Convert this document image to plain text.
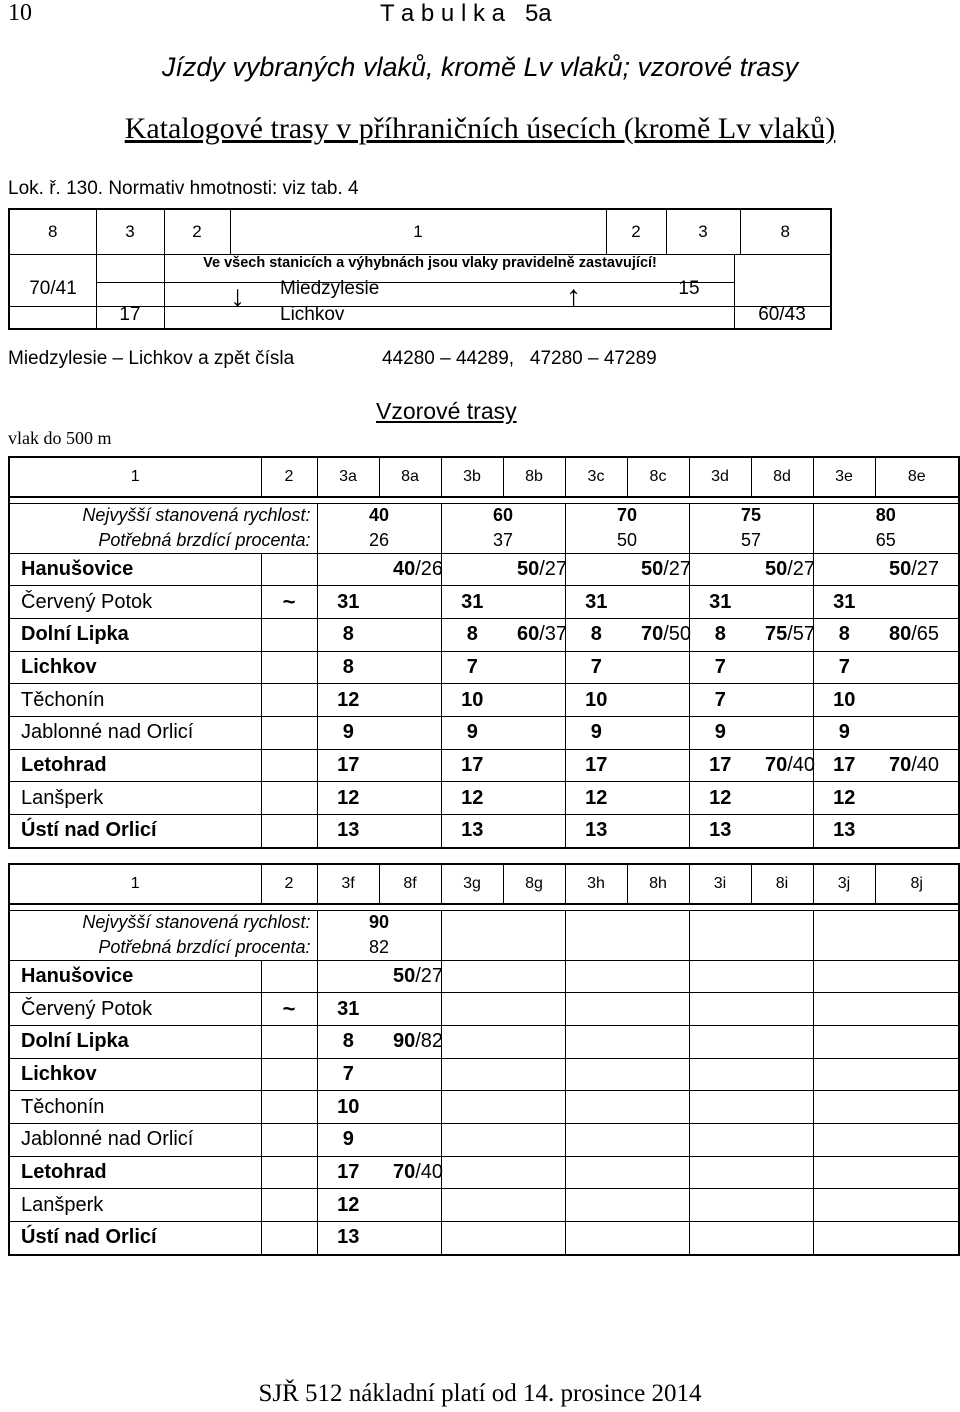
10	T a b u l k a   5a
Jízdy vybraných vlaků, kromě Lv vlaků; vzorové trasy
Katalogové trasy v příhraničních úsecích (kromě Lv vlaků)
Lok. ř. 130. Normativ hmotnosti: viz tab. 4
8	3	2	1	2	3	8
Ve všech stanicích a výhybnách jsou vlaky pravidelně zastavující!
70/41	Miedzylesie	15
17	Lichkov	60/43
↓	↑
Miedzylesie – Lichkov a zpět čísla	44280 – 44289,   47280 – 47289
Vzorové trasy
vlak do 500 m
1	2	3a	8a	3b	8b	3c	8c	3d	8d	3e	8e

Nejvyšší stanovená rychlost:		40		60		70		75		80	
Potřebná brzdící procenta:		26		37		50		57		65	
Hanušovice			40/26		50/27		50/27		50/27		50/27
Červený Potok	~	31		31		31		31		31	
Dolní Lipka		8		8	60/37	8	70/50	8	75/57	8	80/65
Lichkov		8		7		7		7		7	
Těchonín		12		10		10		7		10	
Jablonné nad Orlicí		9		9		9		9		9	
Letohrad		17		17		17		17	70/40	17	70/40
Lanšperk		12		12		12		12		12	
Ústí nad Orlicí		13		13		13		13		13	
1	2	3f	8f	3g	8g	3h	8h	3i	8i	3j	8j

Nejvyšší stanovená rychlost:		90									
Potřebná brzdící procenta:		82									
Hanušovice			50/27								
Červený Potok	~	31									
Dolní Lipka		8	90/82								
Lichkov		7									
Těchonín		10									
Jablonné nad Orlicí		9									
Letohrad		17	70/40								
Lanšperk		12									
Ústí nad Orlicí		13									
SJŘ 512 nákladní platí od 14. prosince 2014
